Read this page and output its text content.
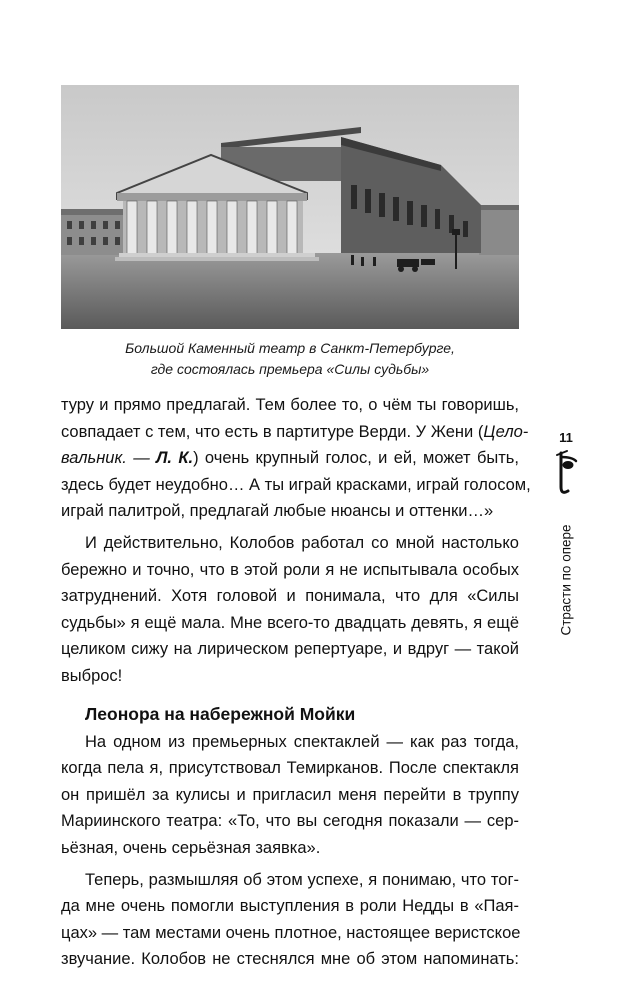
Большой Каменный театр в Санкт-Петербурге,
где состоялась премьера «Силы судьбы»
11
Страсти по опере
туру и прямо предлагай. Тем более то, о чём ты говоришь,
совпадает с тем, что есть в партитуре Верди. У Жени (Цело-
вальник. — Л. К.) очень крупный голос, и ей, может быть,
здесь будет неудобно… А ты играй красками, играй голосом,
играй палитрой, предлагай любые нюансы и оттенки…»
И действительно, Колобов работал со мной настолько
бережно и точно, что в этой роли я не испытывала особых
затруднений. Хотя головой и понимала, что для «Силы
судьбы» я ещё мала. Мне всего-то двадцать девять, я ещё
целиком сижу на лирическом репертуаре, и вдруг — такой
выброс!
Леонора на набережной Мойки
На одном из премьерных спектаклей — как раз тогда,
когда пела я, присутствовал Темирканов. После спектакля
он пришёл за кулисы и пригласил меня перейти в труппу
Мариинского театра: «То, что вы сегодня показали — сер-
ьёзная, очень серьёзная заявка».
Теперь, размышляя об этом успехе, я понимаю, что тог-
да мне очень помогли выступления в роли Недды в «Пая-
цах» — там местами очень плотное, настоящее веристское
звучание. Колобов не стеснялся мне об этом напоминать:
